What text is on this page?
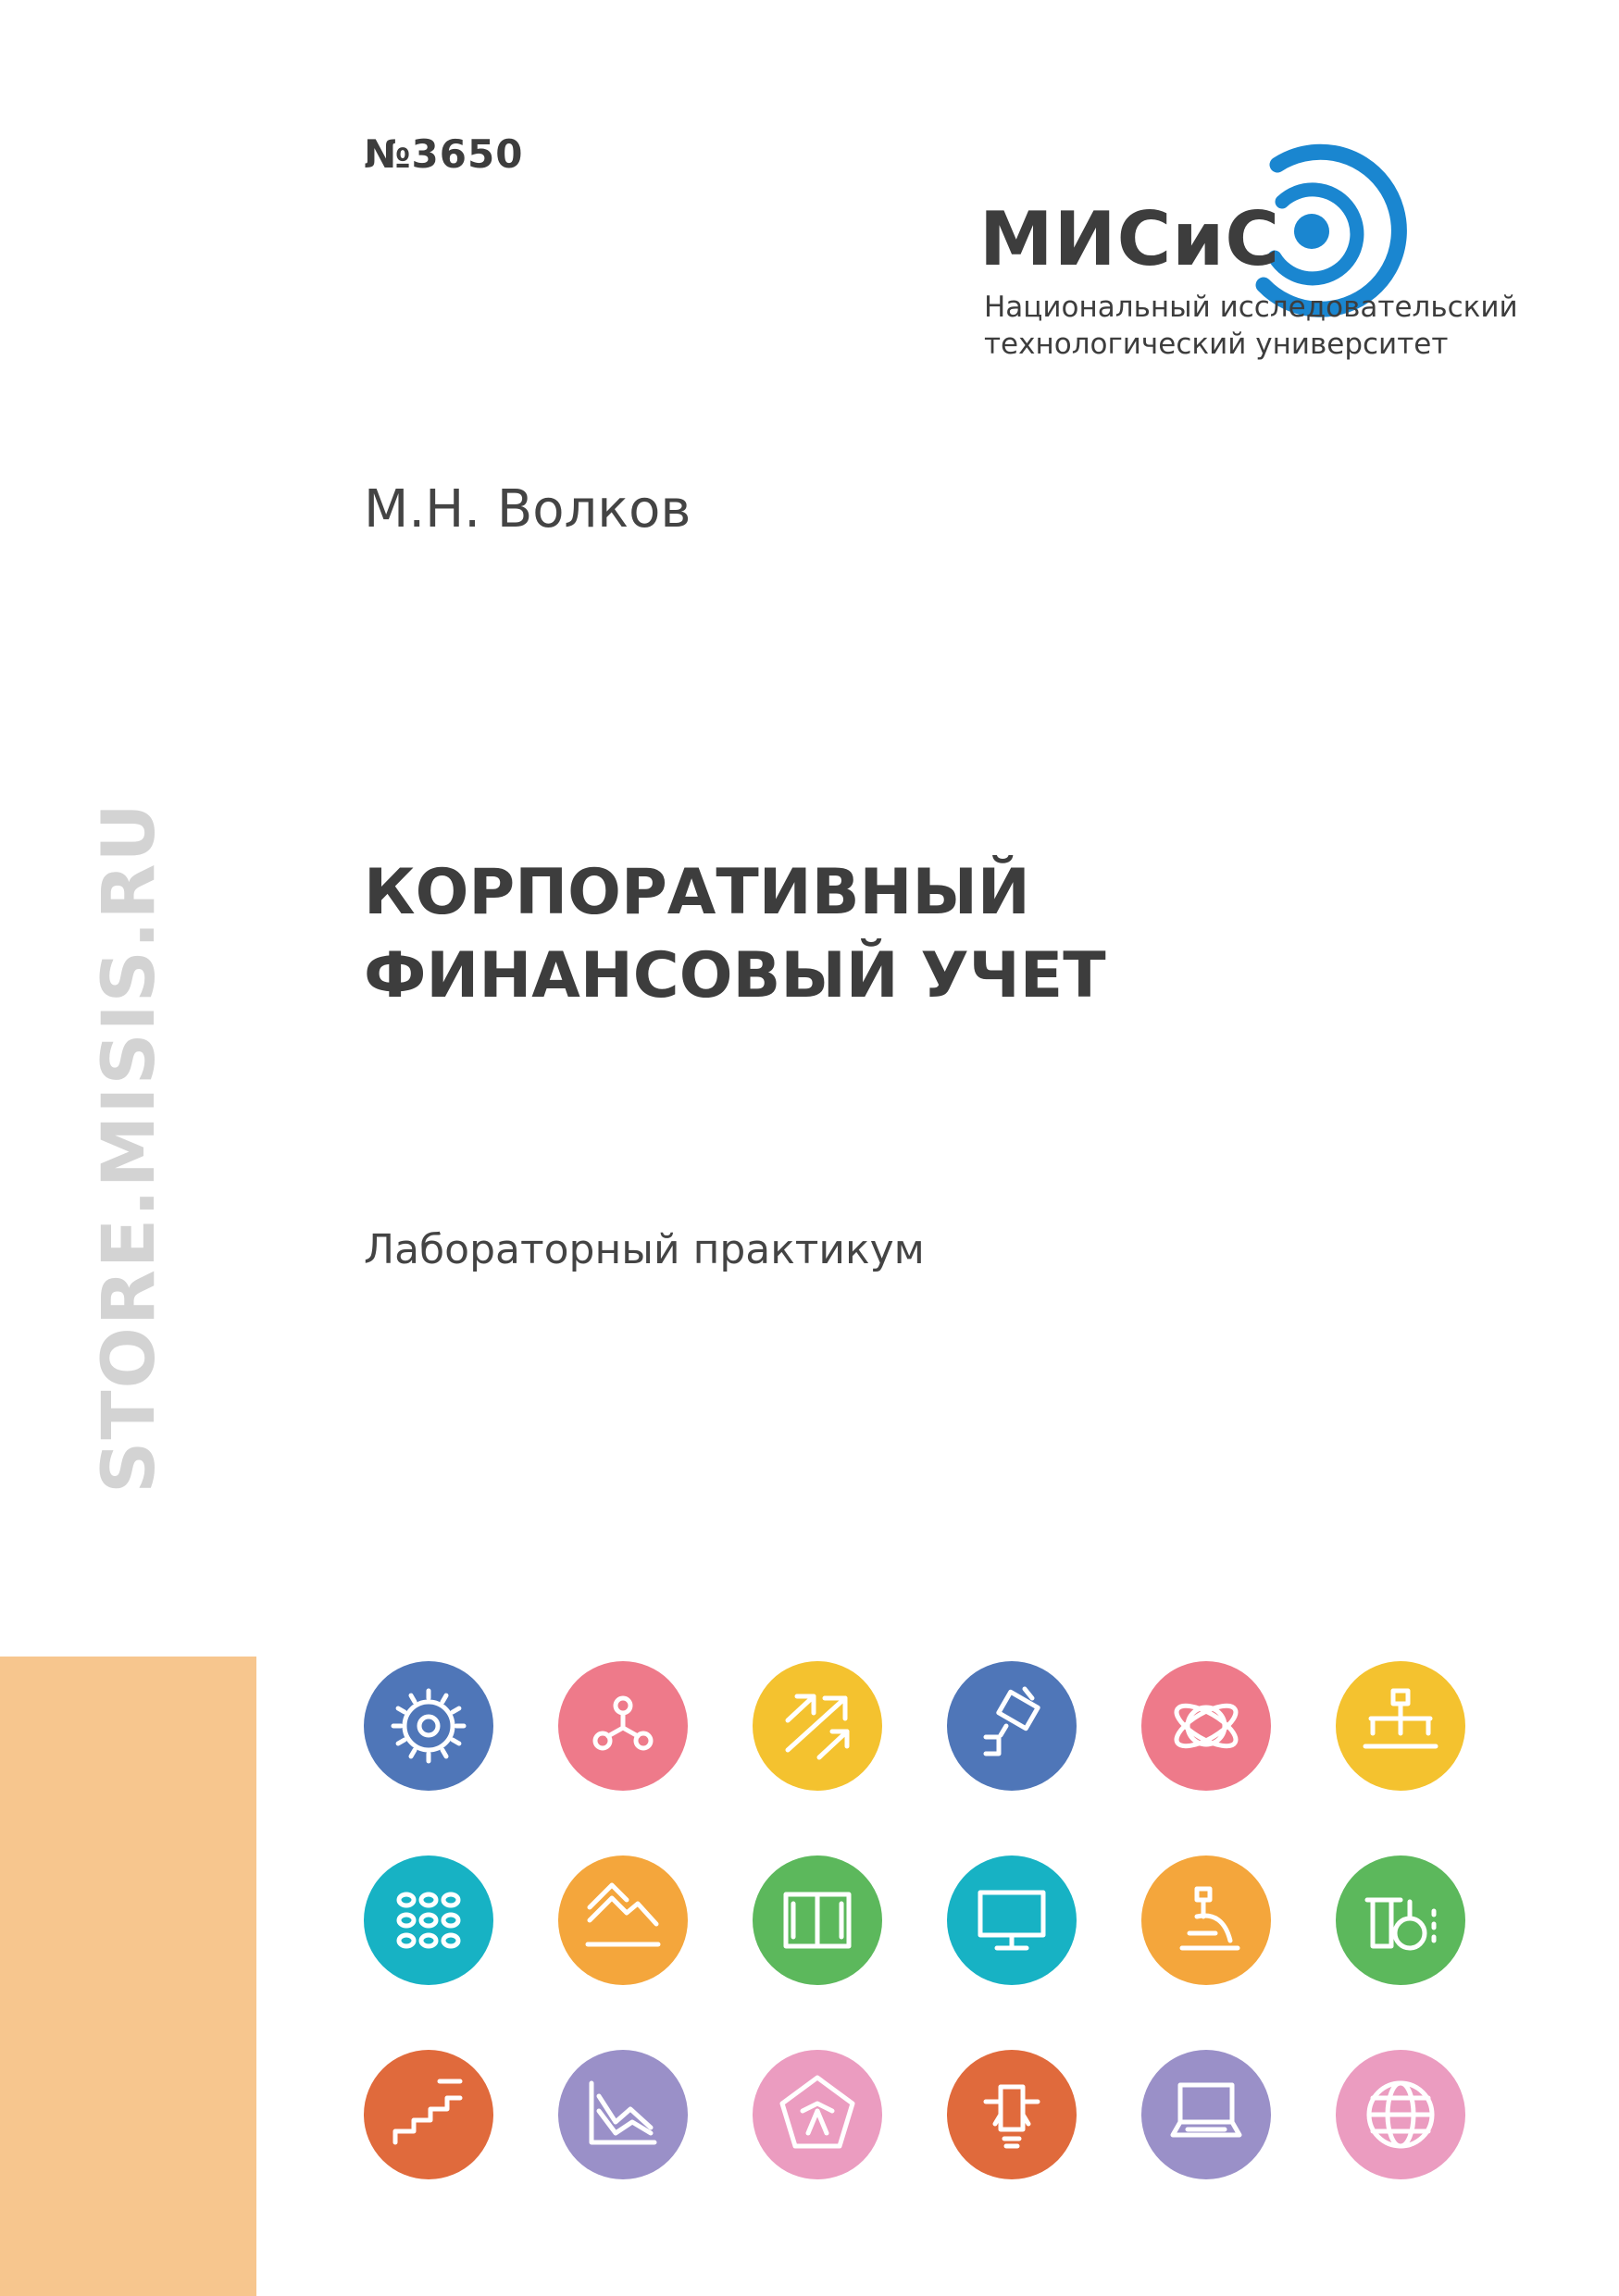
№3650
МИСиС
Национальный исследовательский
технологический университет
М.Н. Волков
КОРПОРАТИВНЫЙ
ФИНАНСОВЫЙ УЧЕТ
Лабораторный практикум
STORE.MISIS.RU
